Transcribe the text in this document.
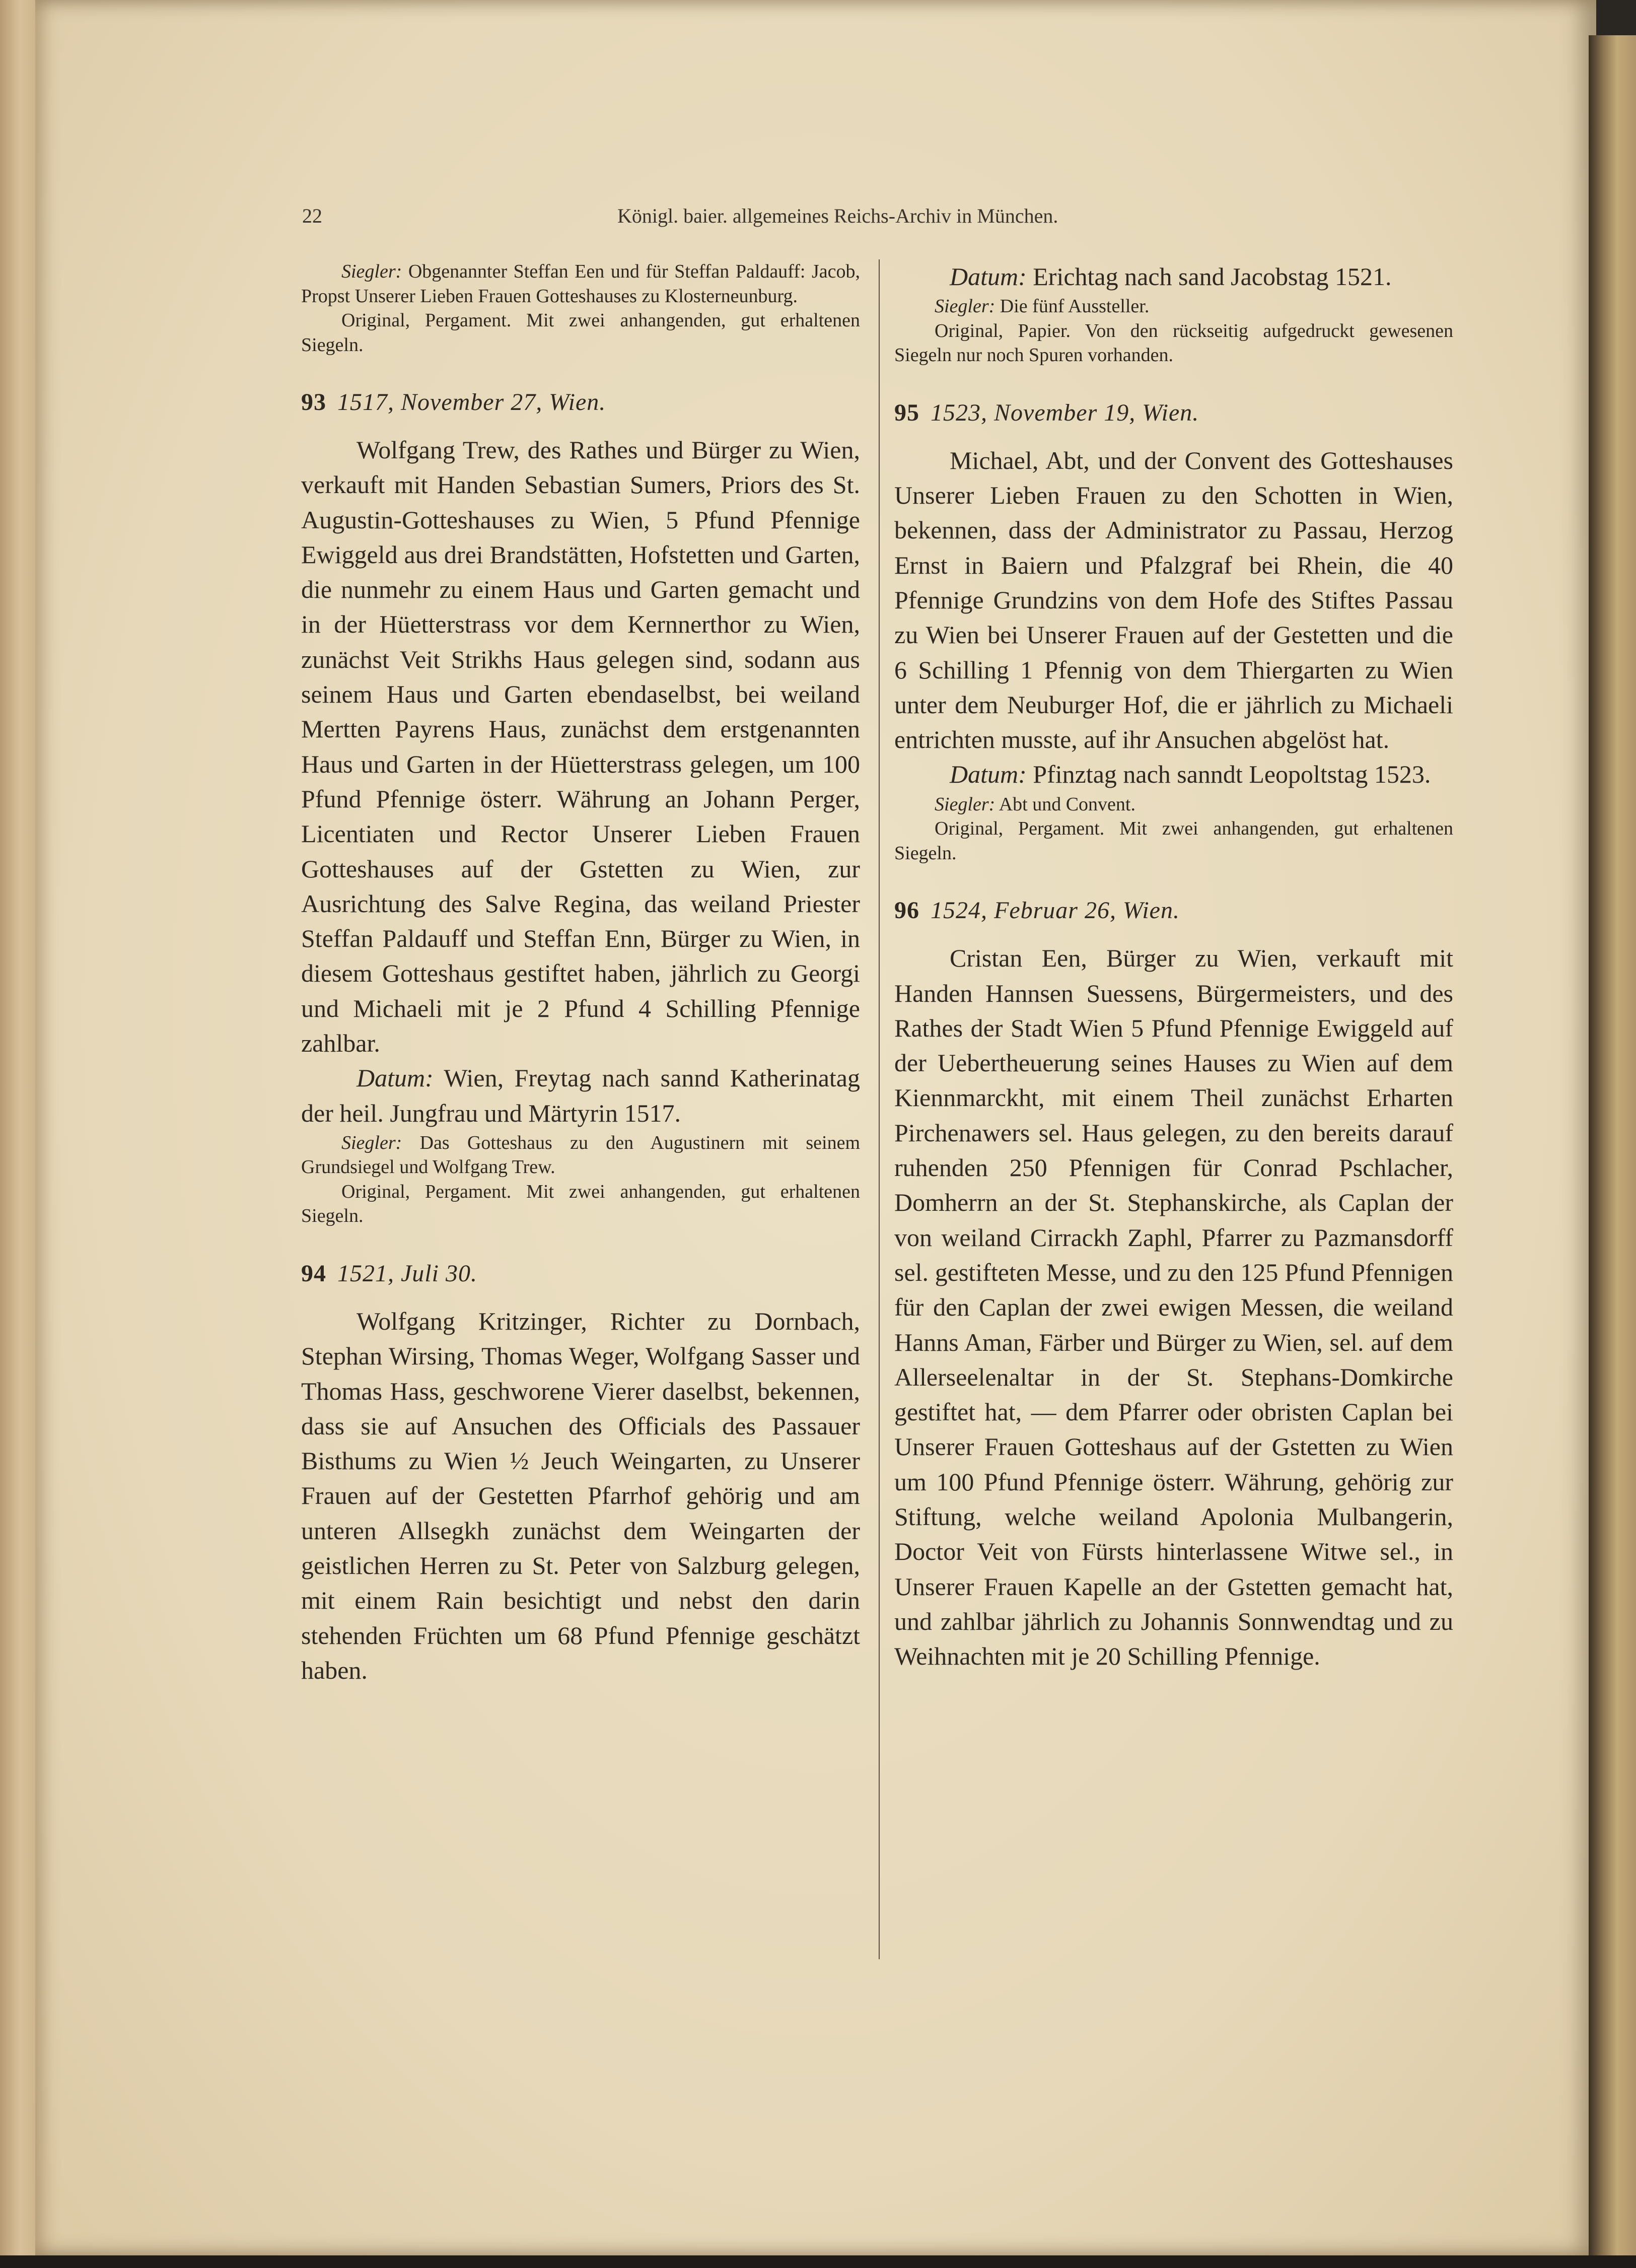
22	Königl. baier. allgemeines Reichs-Archiv in München.

Siegler: Obgenannter Steffan Een und für Steffan Paldauff: Jacob, Propst Unserer Lieben Frauen Gotteshauses zu Klosterneunburg.

Original, Pergament. Mit zwei anhangenden, gut erhaltenen Siegeln.

93 1517, November 27, Wien.

Wolfgang Trew, des Rathes und Bürger zu Wien, verkauft mit Handen Sebastian Sumers, Priors des St. Augustin-Gotteshauses zu Wien, 5 Pfund Pfennige Ewiggeld aus drei Brandstätten, Hofstetten und Garten, die nunmehr zu einem Haus und Garten gemacht und in der Hüetterstrass vor dem Kernnerthor zu Wien, zunächst Veit Strikhs Haus gelegen sind, sodann aus seinem Haus und Garten ebendaselbst, bei weiland Mertten Payrens Haus, zunächst dem erstgenannten Haus und Garten in der Hüetterstrass gelegen, um 100 Pfund Pfennige österr. Währung an Johann Perger, Licentiaten und Rector Unserer Lieben Frauen Gotteshauses auf der Gstetten zu Wien, zur Ausrichtung des Salve Regina, das weiland Priester Steffan Paldauff und Steffan Enn, Bürger zu Wien, in diesem Gotteshaus gestiftet haben, jährlich zu Georgi und Michaeli mit je 2 Pfund 4 Schilling Pfennige zahlbar.

Datum: Wien, Freytag nach sannd Katherinatag der heil. Jungfrau und Märtyrin 1517.

Siegler: Das Gotteshaus zu den Augustinern mit seinem Grundsiegel und Wolfgang Trew.

Original, Pergament. Mit zwei anhangenden, gut erhaltenen Siegeln.

94 1521, Juli 30.

Wolfgang Kritzinger, Richter zu Dornbach, Stephan Wirsing, Thomas Weger, Wolfgang Sasser und Thomas Hass, geschworene Vierer daselbst, bekennen, dass sie auf Ansuchen des Officials des Passauer Bisthums zu Wien ½ Jeuch Weingarten, zu Unserer Frauen auf der Gestetten Pfarrhof gehörig und am unteren Allsegkh zunächst dem Weingarten der geistlichen Herren zu St. Peter von Salzburg gelegen, mit einem Rain besichtigt und nebst den darin stehenden Früchten um 68 Pfund Pfennige geschätzt haben.

Datum: Erichtag nach sand Jacobstag 1521.

Siegler: Die fünf Aussteller.

Original, Papier. Von den rückseitig aufgedruckt gewesenen Siegeln nur noch Spuren vorhanden.

95 1523, November 19, Wien.

Michael, Abt, und der Convent des Gotteshauses Unserer Lieben Frauen zu den Schotten in Wien, bekennen, dass der Administrator zu Passau, Herzog Ernst in Baiern und Pfalzgraf bei Rhein, die 40 Pfennige Grundzins von dem Hofe des Stiftes Passau zu Wien bei Unserer Frauen auf der Gestetten und die 6 Schilling 1 Pfennig von dem Thiergarten zu Wien unter dem Neuburger Hof, die er jährlich zu Michaeli entrichten musste, auf ihr Ansuchen abgelöst hat.

Datum: Pfinztag nach sanndt Leopoltstag 1523.

Siegler: Abt und Convent.

Original, Pergament. Mit zwei anhangenden, gut erhaltenen Siegeln.

96 1524, Februar 26, Wien.

Cristan Een, Bürger zu Wien, verkauft mit Handen Hannsen Suessens, Bürgermeisters, und des Rathes der Stadt Wien 5 Pfund Pfennige Ewiggeld auf der Uebertheuerung seines Hauses zu Wien auf dem Kiennmarckht, mit einem Theil zunächst Erharten Pirchenawers sel. Haus gelegen, zu den bereits darauf ruhenden 250 Pfennigen für Conrad Pschlacher, Domherrn an der St. Stephanskirche, als Caplan der von weiland Cirrackh Zaphl, Pfarrer zu Pazmansdorff sel. gestifteten Messe, und zu den 125 Pfund Pfennigen für den Caplan der zwei ewigen Messen, die weiland Hanns Aman, Färber und Bürger zu Wien, sel. auf dem Allerseelenaltar in der St. Stephans-Domkirche gestiftet hat, — dem Pfarrer oder obristen Caplan bei Unserer Frauen Gotteshaus auf der Gstetten zu Wien um 100 Pfund Pfennige österr. Währung, gehörig zur Stiftung, welche weiland Apolonia Mulbangerin, Doctor Veit von Fürsts hinterlassene Witwe sel., in Unserer Frauen Kapelle an der Gstetten gemacht hat, und zahlbar jährlich zu Johannis Sonnwendtag und zu Weihnachten mit je 20 Schilling Pfennige.
